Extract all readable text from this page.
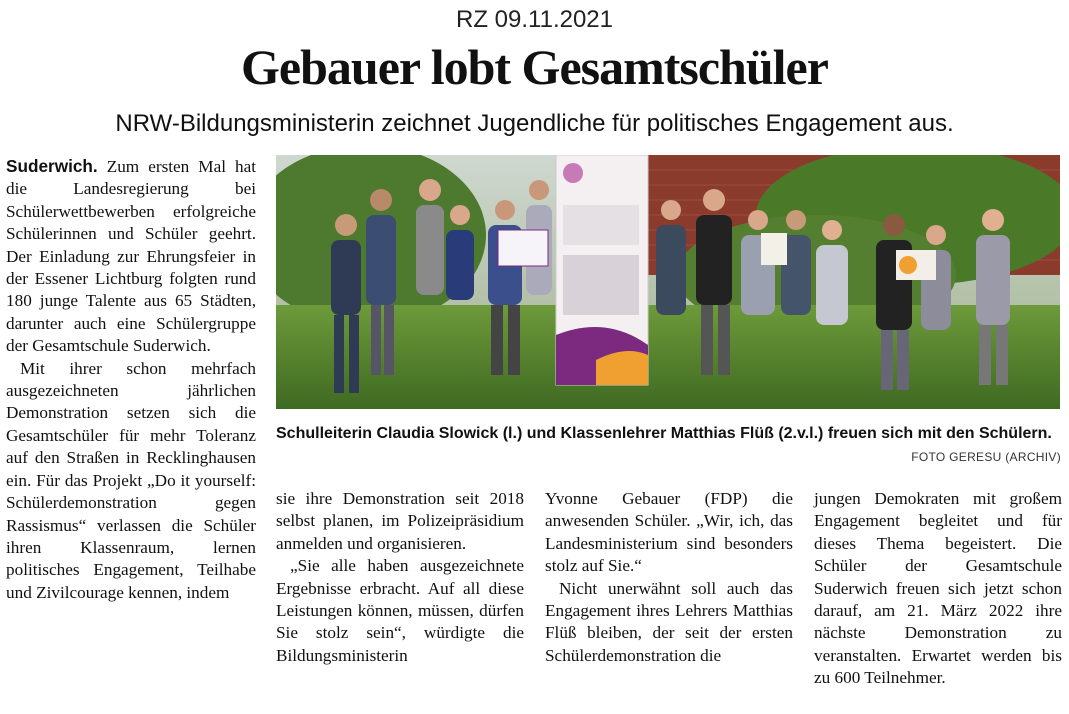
RZ 09.11.2021
Gebauer lobt Gesamtschüler
NRW-Bildungsministerin zeichnet Jugendliche für politisches Engagement aus.

Suderwich. Zum ersten Mal hat die Landesregierung bei Schülerwettbewerben erfolgreiche Schülerinnen und Schüler geehrt. Der Einladung zur Ehrungsfeier in der Essener Lichtburg folgten rund 180 junge Talente aus 65 Städten, darunter auch eine Schülergruppe der Gesamtschule Suderwich.

Mit ihrer schon mehrfach ausgezeichneten jährlichen Demonstration setzen sich die Gesamtschüler für mehr Toleranz auf den Straßen in Recklinghausen ein. Für das Projekt „Do it yourself: Schülerdemonstration gegen Rassismus“ verlassen die Schüler ihren Klassenraum, lernen politisches Engagement, Teilhabe und Zivilcourage kennen, indem

Schulleiterin Claudia Slowick (l.) und Klassenlehrer Matthias Flüß (2.v.l.) freuen sich mit den Schülern.
FOTO GERESU (ARCHIV)

sie ihre Demonstration seit 2018 selbst planen, im Polizeipräsidium anmelden und organisieren.

„Sie alle haben ausgezeichnete Ergebnisse erbracht. Auf all diese Leistungen können, müssen, dürfen Sie stolz sein“, würdigte die Bildungsministerin

Yvonne Gebauer (FDP) die anwesenden Schüler. „Wir, ich, das Landesministerium sind besonders stolz auf Sie.“

Nicht unerwähnt soll auch das Engagement ihres Lehrers Matthias Flüß bleiben, der seit der ersten Schülerdemonstration die

jungen Demokraten mit großem Engagement begleitet und für dieses Thema begeistert. Die Schüler der Gesamtschule Suderwich freuen sich jetzt schon darauf, am 21. März 2022 ihre nächste Demonstration zu veranstalten. Erwartet werden bis zu 600 Teilnehmer.
